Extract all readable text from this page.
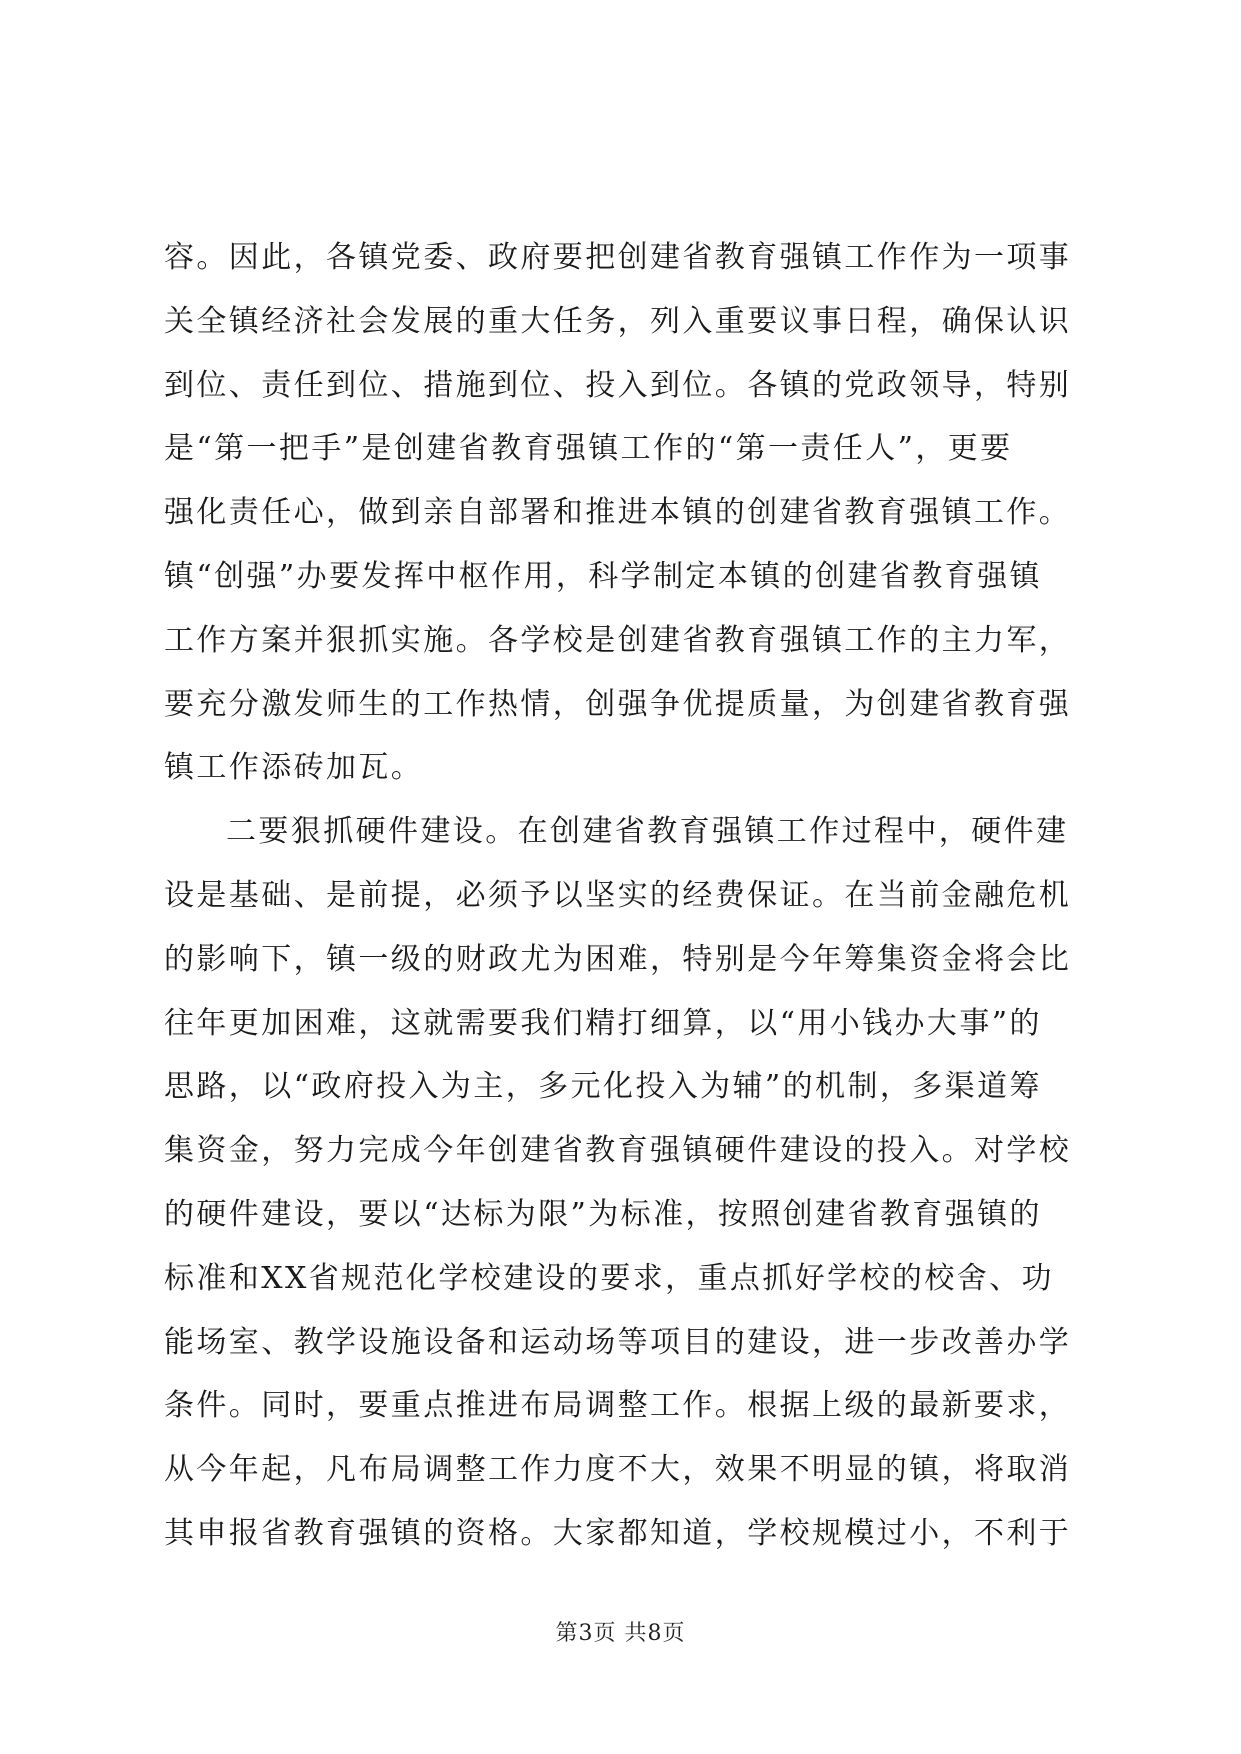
容。因此，各镇党委、政府要把创建省教育强镇工作作为一项事
关全镇经济社会发展的重大任务，列入重要议事日程，确保认识
到位、责任到位、措施到位、投入到位。各镇的党政领导，特别
是“第一把手”是创建省教育强镇工作的“第一责任人”，更要
强化责任心，做到亲自部署和推进本镇的创建省教育强镇工作。
镇“创强”办要发挥中枢作用，科学制定本镇的创建省教育强镇
工作方案并狠抓实施。各学校是创建省教育强镇工作的主力军，
要充分激发师生的工作热情，创强争优提质量，为创建省教育强
镇工作添砖加瓦。
二要狠抓硬件建设。在创建省教育强镇工作过程中，硬件建
设是基础、是前提，必须予以坚实的经费保证。在当前金融危机
的影响下，镇一级的财政尤为困难，特别是今年筹集资金将会比
往年更加困难，这就需要我们精打细算，以“用小钱办大事”的
思路，以“政府投入为主，多元化投入为辅”的机制，多渠道筹
集资金，努力完成今年创建省教育强镇硬件建设的投入。对学校
的硬件建设，要以“达标为限”为标准，按照创建省教育强镇的
标准和XX省规范化学校建设的要求，重点抓好学校的校舍、功
能场室、教学设施设备和运动场等项目的建设，进一步改善办学
条件。同时，要重点推进布局调整工作。根据上级的最新要求，
从今年起，凡布局调整工作力度不大，效果不明显的镇，将取消
其申报省教育强镇的资格。大家都知道，学校规模过小，不利于
第3页 共8页
